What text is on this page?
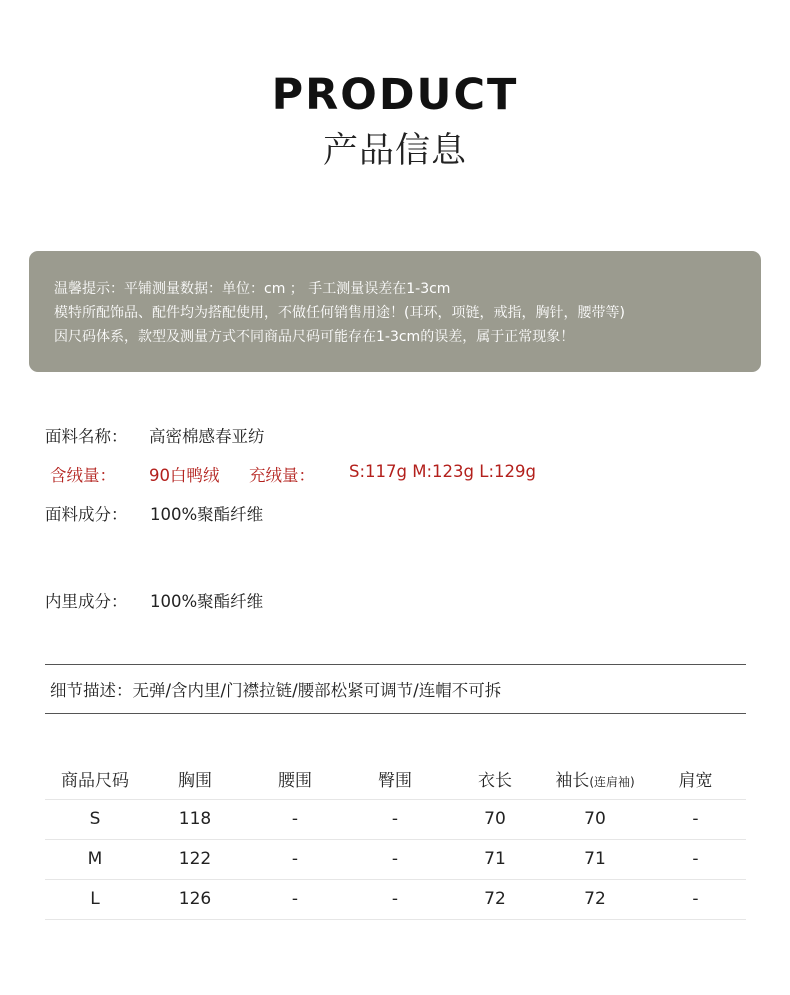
PRODUCT
产品信息

温馨提示：平铺测量数据：单位：cm ； 手工测量误差在1-3cm

模特所配饰品、配件均为搭配使用，不做任何销售用途！(耳环，项链，戒指，胸针，腰带等)

因尺码体系，款型及测量方式不同商品尺码可能存在1-3cm的误差，属于正常现象！

面料名称： 高密棉感春亚纺
含绒量： 90白鸭绒 充绒量： S:117g M:123g L:129g
面料成分： 100%聚酯纤维
内里成分： 100%聚酯纤维
细节描述：无弹/含内里/门襟拉链/腰部松紧可调节/连帽不可拆
商品尺码	胸围	腰围	臀围	衣长	袖长(连肩袖)	肩宽
S	118	-	-	70	70	-
M	122	-	-	71	71	-
L	126	-	-	72	72	-
